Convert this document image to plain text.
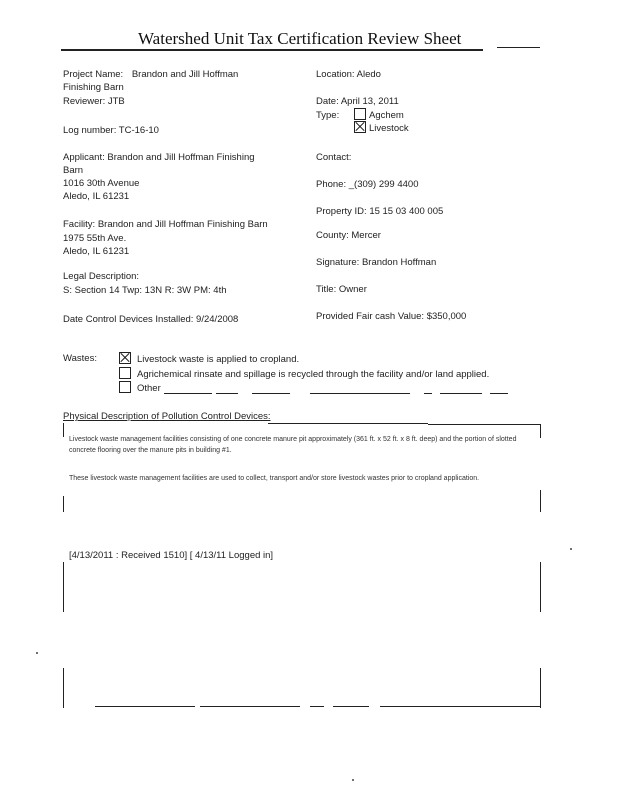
Watershed Unit Tax Certification Review Sheet
Project Name: Brandon and Jill Hoffman
Finishing Barn
Reviewer: JTB
Log number: TC-16-10
Applicant: Brandon and Jill Hoffman Finishing
Barn
1016 30th Avenue
Aledo, IL 61231
Facility: Brandon and Jill Hoffman Finishing Barn
1975 55th Ave.
Aledo, IL 61231
Legal Description:
S: Section 14 Twp: 13N R: 3W PM: 4th
Date Control Devices Installed: 9/24/2008
Location: Aledo
Date: April 13, 2011
Type:	Agchem
Livestock
Contact:
Phone: _(309) 299 4400
Property ID: 15 15 03 400 005
County: Mercer
Signature: Brandon Hoffman
Title: Owner
Provided Fair cash Value: $350,000
Wastes:	Livestock waste is applied to cropland.
Agrichemical rinsate and spillage is recycled through the facility and/or land applied.
Other
Physical Description of Pollution Control Devices:
Livestock waste management facilities consisting of one concrete manure pit approximately (361 ft. x 52 ft. x 8 ft. deep) and the portion of slotted concrete flooring over the manure pits in building #1.
These livestock waste management facilities are used to collect, transport and/or store livestock wastes prior to cropland application.
[4/13/2011 : Received 1510] [ 4/13/11 Logged in]
